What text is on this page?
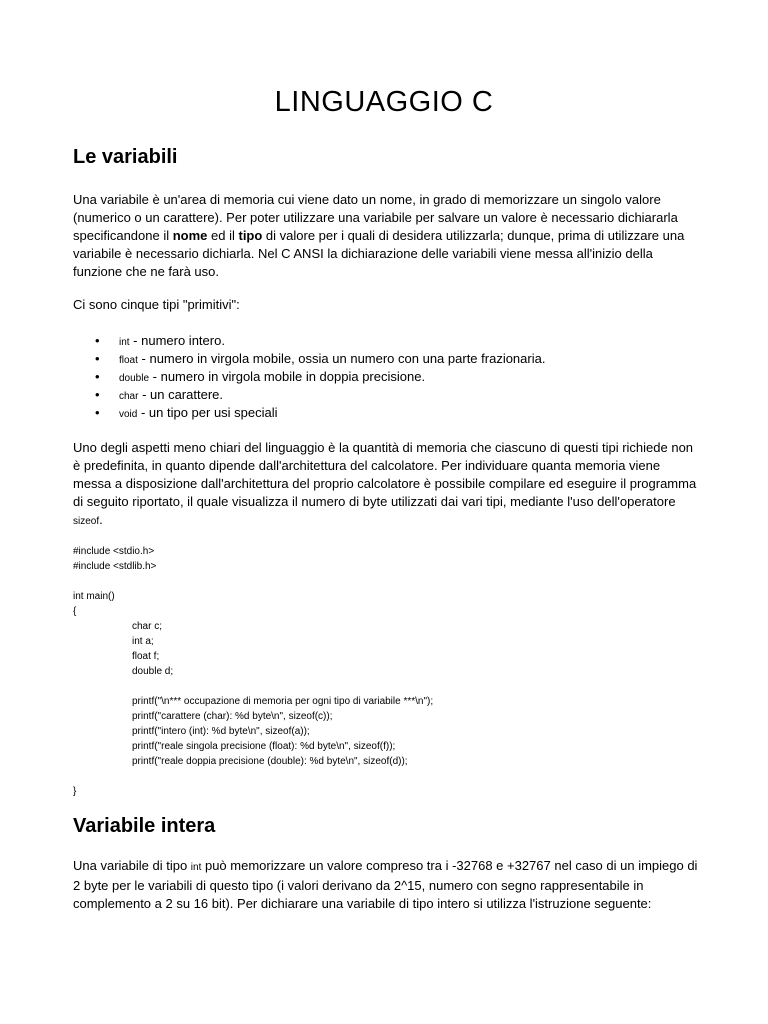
LINGUAGGIO C
Le variabili

Una variabile è un'area di memoria cui viene dato un nome, in grado di memorizzare un singolo valore (numerico o un carattere). Per poter utilizzare una variabile per salvare un valore è necessario dichiararla specificandone il nome ed il tipo di valore per i quali di desidera utilizzarla; dunque, prima di utilizzare una variabile è necessario dichiarla. Nel C ANSI la dichiarazione delle variabili viene messa all'inizio della funzione che ne farà uso.

Ci sono cinque tipi "primitivi":

• int - numero intero.
• float - numero in virgola mobile, ossia un numero con una parte frazionaria.
• double - numero in virgola mobile in doppia precisione.
• char - un carattere.
• void - un tipo per usi speciali

Uno degli aspetti meno chiari del linguaggio è la quantità di memoria che ciascuno di questi tipi richiede non è predefinita, in quanto dipende dall'architettura del calcolatore. Per individuare quanta memoria viene messa a disposizione dall'architettura del proprio calcolatore è possibile compilare ed eseguire il programma di seguito riportato, il quale visualizza il numero di byte utilizzati dai vari tipi, mediante l'uso dell'operatore sizeof.

#include <stdio.h>
#include <stdlib.h>
int main()
{
char c;
int a;
float f;
double d;
printf("\n*** occupazione di memoria per ogni tipo di variabile ***\n");
printf("carattere (char): %d byte\n", sizeof(c));
printf("intero (int): %d byte\n", sizeof(a));
printf("reale singola precisione (float): %d byte\n", sizeof(f));
printf("reale doppia precisione (double): %d byte\n", sizeof(d));
}
Variabile intera

Una variabile di tipo int può memorizzare un valore compreso tra i -32768 e +32767 nel caso di un impiego di 2 byte per le variabili di questo tipo (i valori derivano da 2^15, numero con segno rappresentabile in complemento a 2 su 16 bit). Per dichiarare una variabile di tipo intero si utilizza l'istruzione seguente:
